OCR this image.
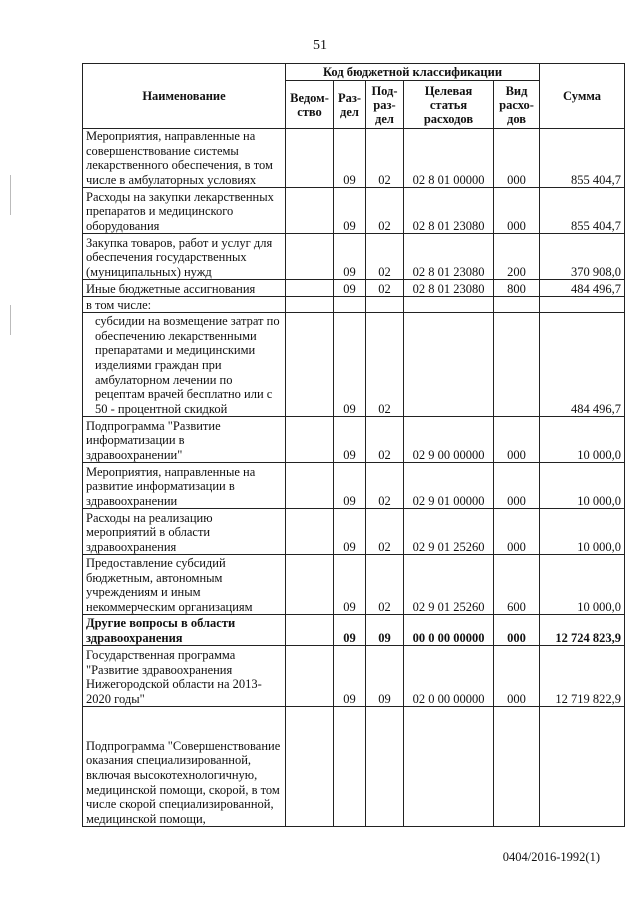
51
Наименование	Код бюджетной классификации					Сумма
	Ведом-ство	Раз-дел	Под-раз-дел	Целевая статья расходов	Вид расхо-дов	
Мероприятия, направленные на совершенствование системы лекарственного обеспечения, в том числе в амбулаторных условиях		09	02	02 8 01 00000	000	855 404,7
Расходы на закупки лекарственных препаратов и медицинского оборудования		09	02	02 8 01 23080	000	855 404,7
Закупка товаров, работ и услуг для обеспечения государственных (муниципальных) нужд		09	02	02 8 01 23080	200	370 908,0
Иные бюджетные ассигнования		09	02	02 8 01 23080	800	484 496,7
в том числе:						
субсидии на возмещение затрат по обеспечению лекарственными препаратами и медицинскими изделиями граждан при амбулаторном лечении по рецептам врачей бесплатно или с 50 - процентной скидкой		09	02			484 496,7
Подпрограмма "Развитие информатизации в здравоохранении"		09	02	02 9 00 00000	000	10 000,0
Мероприятия, направленные на развитие информатизации в здравоохранении		09	02	02 9 01 00000	000	10 000,0
Расходы на реализацию мероприятий в области здравоохранения		09	02	02 9 01 25260	000	10 000,0
Предоставление субсидий бюджетным, автономным учреждениям и иным некоммерческим организациям		09	02	02 9 01 25260	600	10 000,0
Другие вопросы в области здравоохранения		09	09	00 0 00 00000	000	12 724 823,9
Государственная программа "Развитие здравоохранения Нижегородской области на 2013-2020 годы"		09	09	02 0 00 00000	000	12 719 822,9
Подпрограмма "Совершенствование оказания специализированной, включая высокотехнологичную, медицинской помощи, скорой, в том числе скорой специализированной, медицинской помощи,						
0404/2016-1992(1)
